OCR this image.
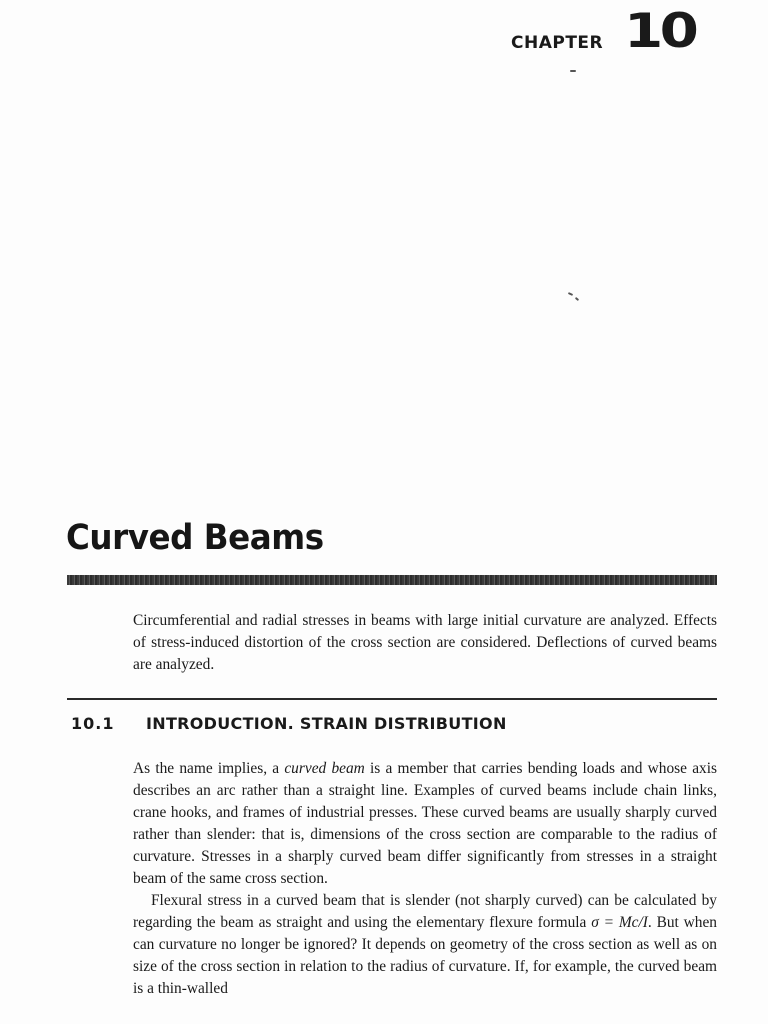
CHAPTER 10
Curved Beams
Circumferential and radial stresses in beams with large initial curvature are analyzed. Effects of stress-induced distortion of the cross section are considered. Deflections of curved beams are analyzed.
10.1 INTRODUCTION. STRAIN DISTRIBUTION

As the name implies, a curved beam is a member that carries bending loads and whose axis describes an arc rather than a straight line. Examples of curved beams include chain links, crane hooks, and frames of industrial presses. These curved beams are usually sharply curved rather than slender: that is, dimensions of the cross section are comparable to the radius of curvature. Stresses in a sharply curved beam differ significantly from stresses in a straight beam of the same cross section.

Flexural stress in a curved beam that is slender (not sharply curved) can be calculated by regarding the beam as straight and using the elementary flexure formula σ = Mc/I. But when can curvature no longer be ignored? It depends on geometry of the cross section as well as on size of the cross section in relation to the radius of curvature. If, for example, the curved beam is a thin-walled
